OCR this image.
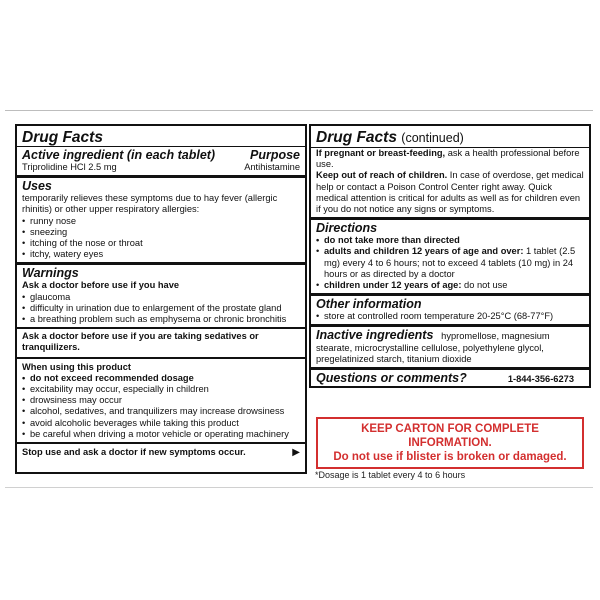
Drug Facts
Active ingredient (in each tablet)	Purpose
Triprolidine HCl 2.5 mg	Antihistamine
Uses

temporarily relieves these symptoms due to hay fever (allergic rhinitis) or other upper respiratory allergies:

• runny nose
• sneezing
• itching of the nose or throat
• itchy, watery eyes
Warnings

Ask a doctor before use if you have

• glaucoma
• difficulty in urination due to enlargement of the prostate gland
• a breathing problem such as emphysema or chronic bronchitis

Ask a doctor before use if you are taking sedatives or tranquilizers.

When using this product

• do not exceed recommended dosage
• excitability may occur, especially in children
• drowsiness may occur
• alcohol, sedatives, and tranquilizers may increase drowsiness
• avoid alcoholic beverages while taking this product
• be careful when driving a motor vehicle or operating machinery
Stop use and ask a doctor if new symptoms occur.	▶
Drug Facts (continued)

If pregnant or breast-feeding, ask a health professional before use.

Keep out of reach of children. In case of overdose, get medical help or contact a Poison Control Center right away. Quick medical attention is critical for adults as well as for children even if you do not notice any signs or symptoms.

Directions
• do not take more than directed
• adults and children 12 years of age and over: 1 tablet (2.5 mg) every 4 to 6 hours; not to exceed 4 tablets (10 mg) in 24 hours or as directed by a doctor
• children under 12 years of age: do not use
Other information
• store at controlled room temperature 20-25°C (68-77°F)

Inactive ingredients hypromellose, magnesium stearate, microcrystalline cellulose, polyethylene glycol, pregelatinized starch, titanium dioxide

Questions or comments?	1-844-356-6273
KEEP CARTON FOR COMPLETE INFORMATION.
Do not use if blister is broken or damaged.
*Dosage is 1 tablet every 4 to 6 hours
